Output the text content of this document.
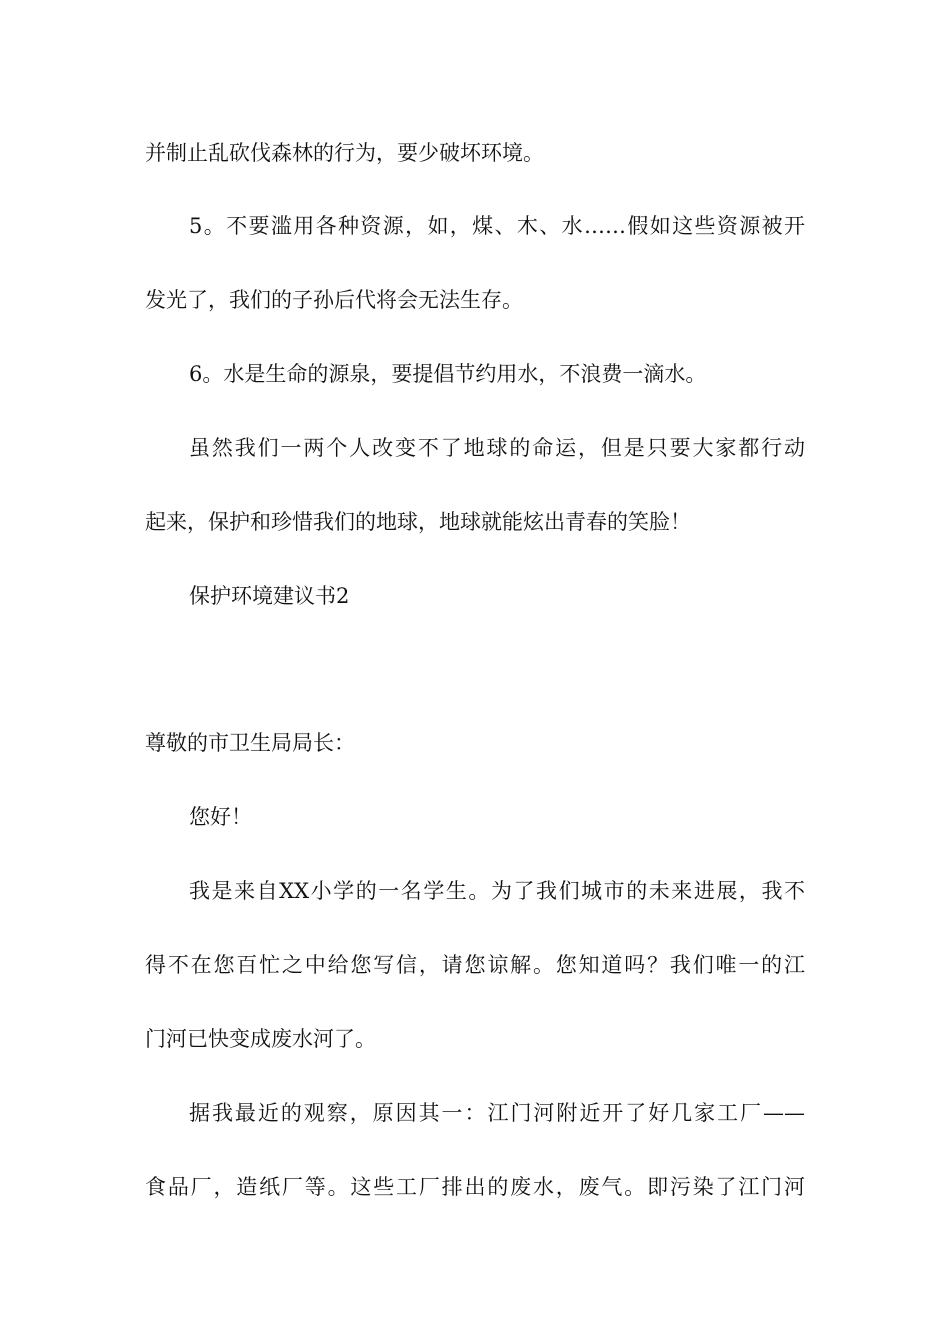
并制止乱砍伐森林的行为，要少破坏环境。
5。不要滥用各种资源，如，煤、木、水……假如这些资源被开
发光了，我们的子孙后代将会无法生存。
6。水是生命的源泉，要提倡节约用水，不浪费一滴水。
虽然我们一两个人改变不了地球的命运，但是只要大家都行动
起来，保护和珍惜我们的地球，地球就能炫出青春的笑脸！
保护环境建议书2
尊敬的市卫生局局长：
您好！
我是来自XX小学的一名学生。为了我们城市的未来进展，我不
得不在您百忙之中给您写信，请您谅解。您知道吗？我们唯一的江
门河已快变成废水河了。
据我最近的观察，原因其一：江门河附近开了好几家工厂——
食品厂，造纸厂等。这些工厂排出的废水，废气。即污染了江门河
